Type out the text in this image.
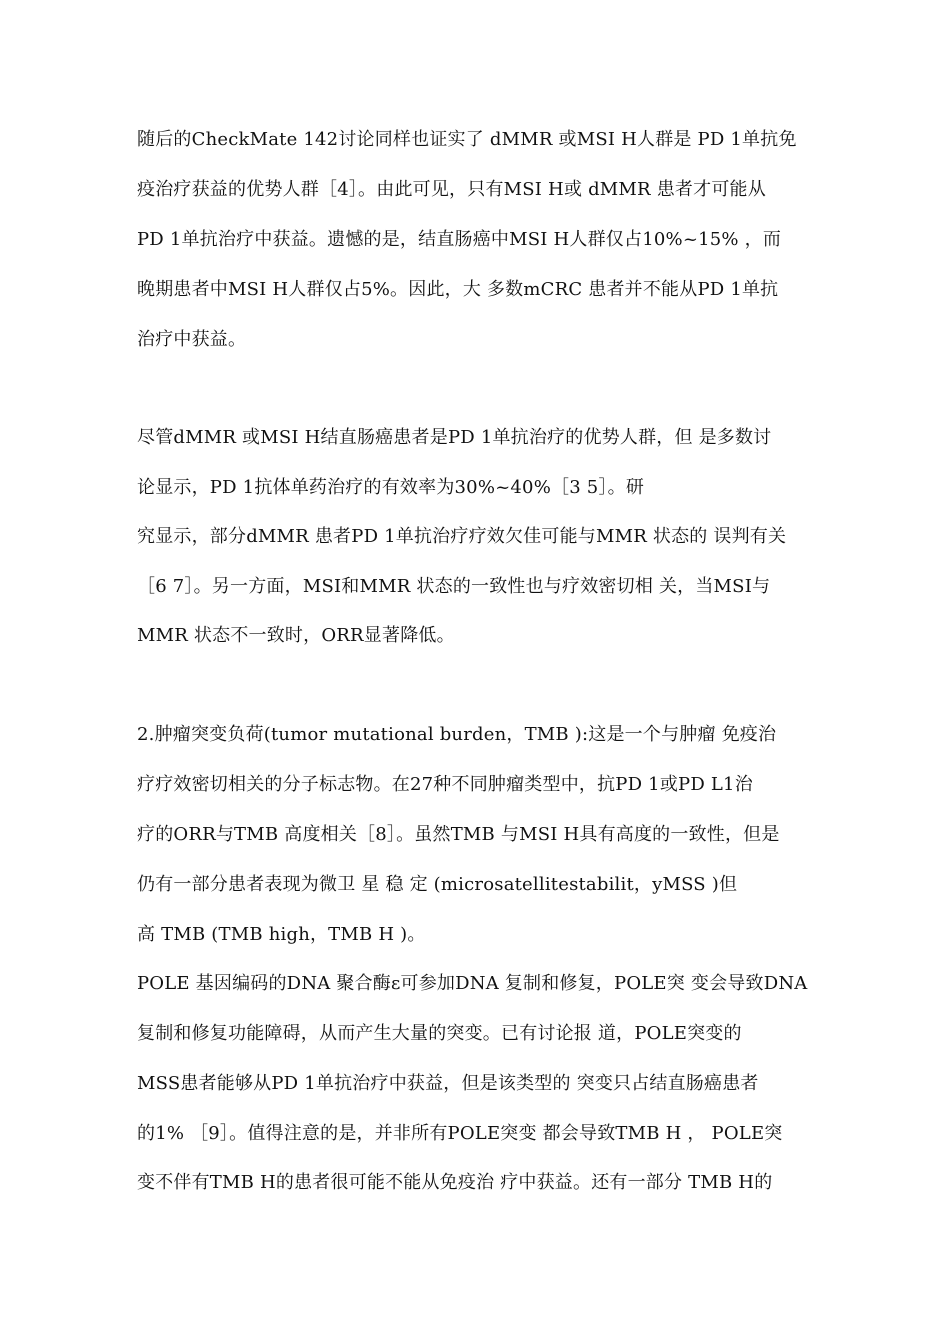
随后的CheckMate 142讨论同样也证实了 dMMR 或MSI H人群是 PD 1单抗免
疫治疗获益的优势人群［4］。由此可见，只有MSI H或 dMMR 患者才可能从
PD 1单抗治疗中获益。遗憾的是，结直肠癌中MSI H人群仅占10%~15% ，而
晚期患者中MSI H人群仅占5%。因此，大 多数mCRC 患者并不能从PD 1单抗
治疗中获益。
尽管dMMR 或MSI H结直肠癌患者是PD 1单抗治疗的优势人群，但 是多数讨
论显示，PD 1抗体单药治疗的有效率为30%~40%［3 5］。研
究显示，部分dMMR 患者PD 1单抗治疗疗效欠佳可能与MMR 状态的 误判有关
［6 7］。另一方面，MSI和MMR 状态的一致性也与疗效密切相 关，当MSI与
MMR 状态不一致时，ORR显著降低。
2.肿瘤突变负荷(tumor mutational burden，TMB ):这是一个与肿瘤 免疫治
疗疗效密切相关的分子标志物。在27种不同肿瘤类型中，抗PD 1或PD L1治
疗的ORR与TMB 高度相关［8］。虽然TMB 与MSI H具有高度的一致性，但是
仍有一部分患者表现为微卫 星 稳 定 (microsatellitestabilit，yMSS )但
高 TMB (TMB high，TMB H )。
POLE 基因编码的DNA 聚合酶ε可参加DNA 复制和修复，POLE突 变会导致DNA
复制和修复功能障碍，从而产生大量的突变。已有讨论报 道，POLE突变的
MSS患者能够从PD 1单抗治疗中获益，但是该类型的 突变只占结直肠癌患者
的1% ［9］。值得注意的是，并非所有POLE突变 都会导致TMB H ， POLE突
变不伴有TMB H的患者很可能不能从免疫治 疗中获益。还有一部分 TMB H的
